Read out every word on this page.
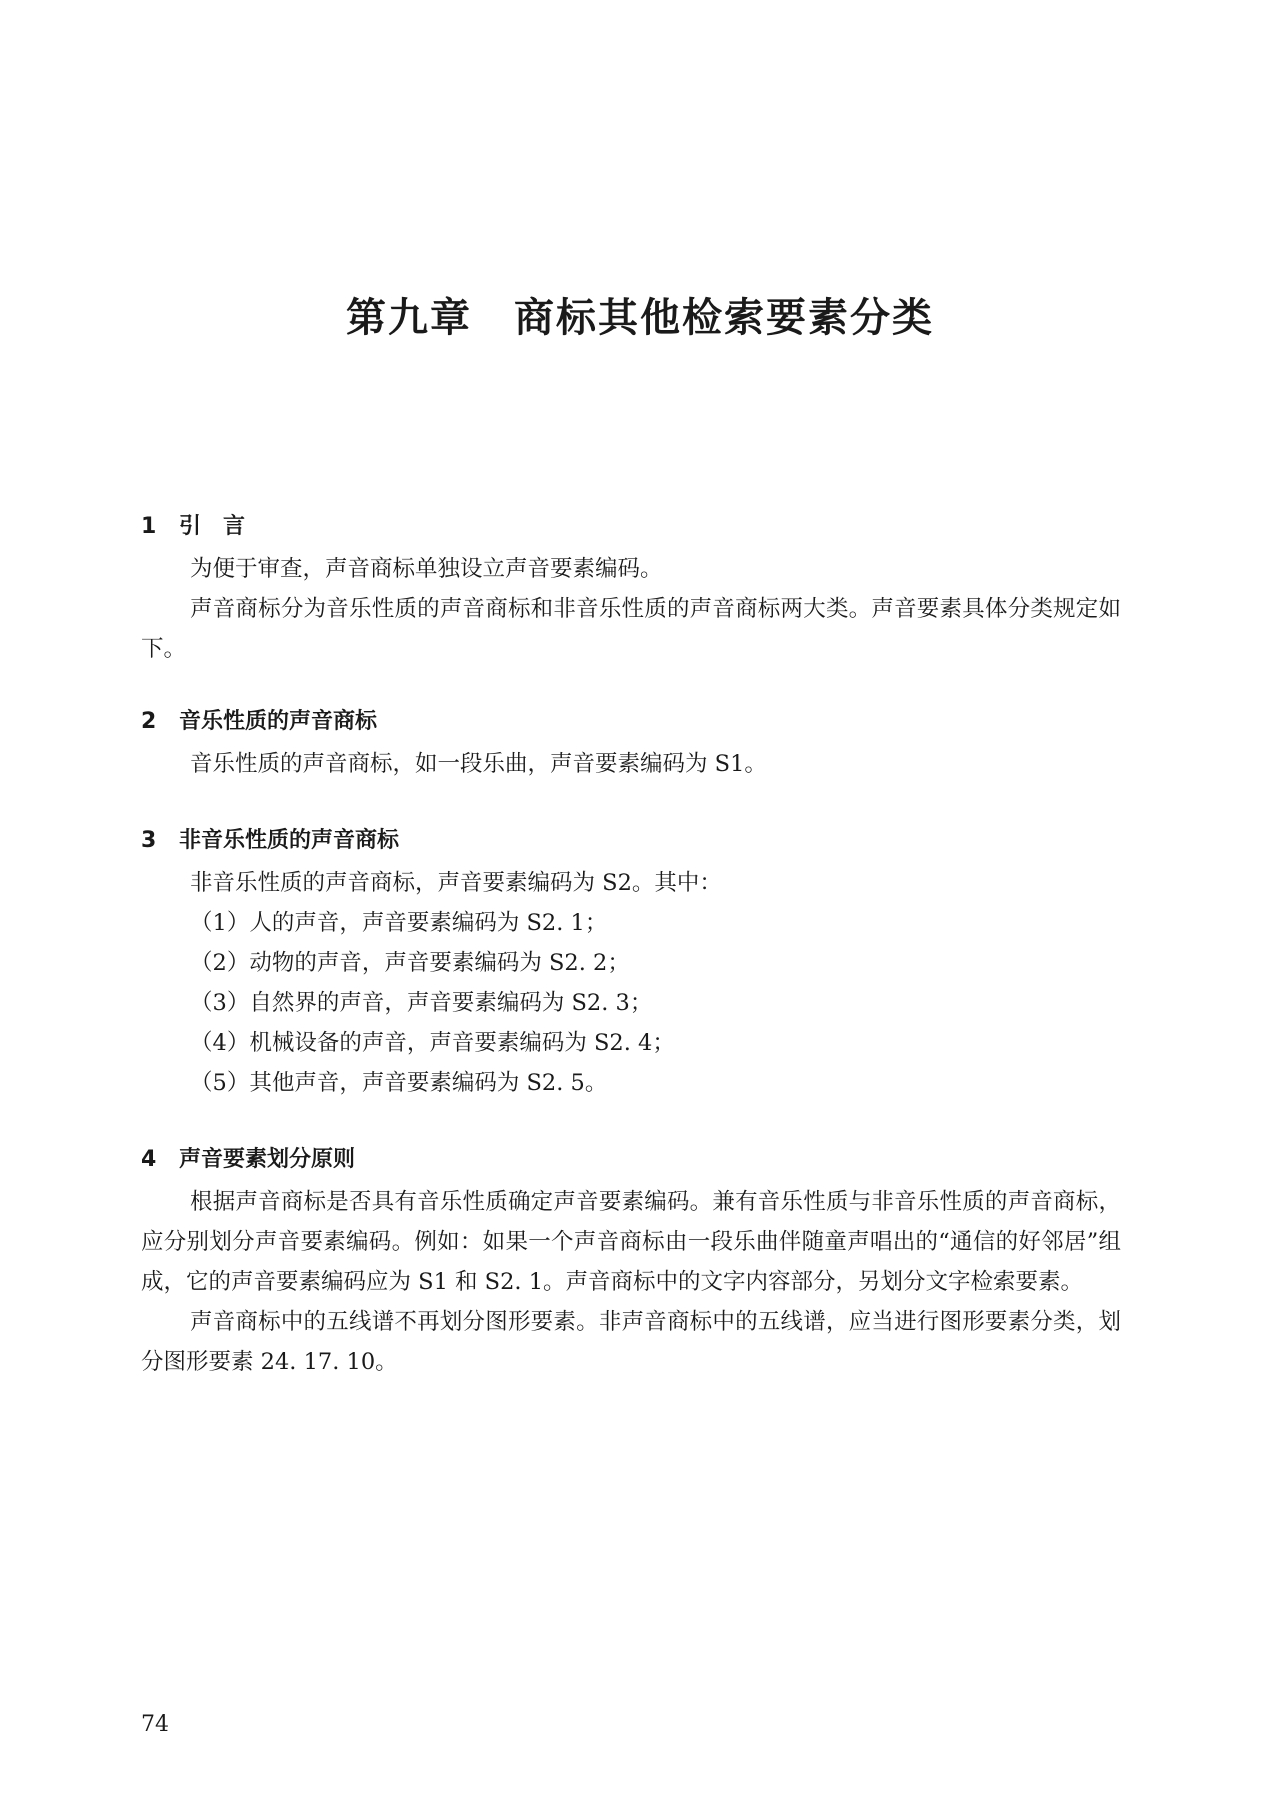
第九章　商标其他检索要素分类
1 引　言
为便于审查，声音商标单独设立声音要素编码。
声音商标分为音乐性质的声音商标和非音乐性质的声音商标两大类。声音要素具体分类规定如下。
2 音乐性质的声音商标
音乐性质的声音商标，如一段乐曲，声音要素编码为 S1。
3 非音乐性质的声音商标
非音乐性质的声音商标，声音要素编码为 S2。其中：
（1）人的声音，声音要素编码为 S2. 1；
（2）动物的声音，声音要素编码为 S2. 2；
（3）自然界的声音，声音要素编码为 S2. 3；
（4）机械设备的声音，声音要素编码为 S2. 4；
（5）其他声音，声音要素编码为 S2. 5。
4 声音要素划分原则
根据声音商标是否具有音乐性质确定声音要素编码。兼有音乐性质与非音乐性质的声音商标，应分别划分声音要素编码。例如：如果一个声音商标由一段乐曲伴随童声唱出的“通信的好邻居”组成，它的声音要素编码应为 S1 和 S2. 1。声音商标中的文字内容部分，另划分文字检索要素。
声音商标中的五线谱不再划分图形要素。非声音商标中的五线谱，应当进行图形要素分类，划分图形要素 24. 17. 10。
74
